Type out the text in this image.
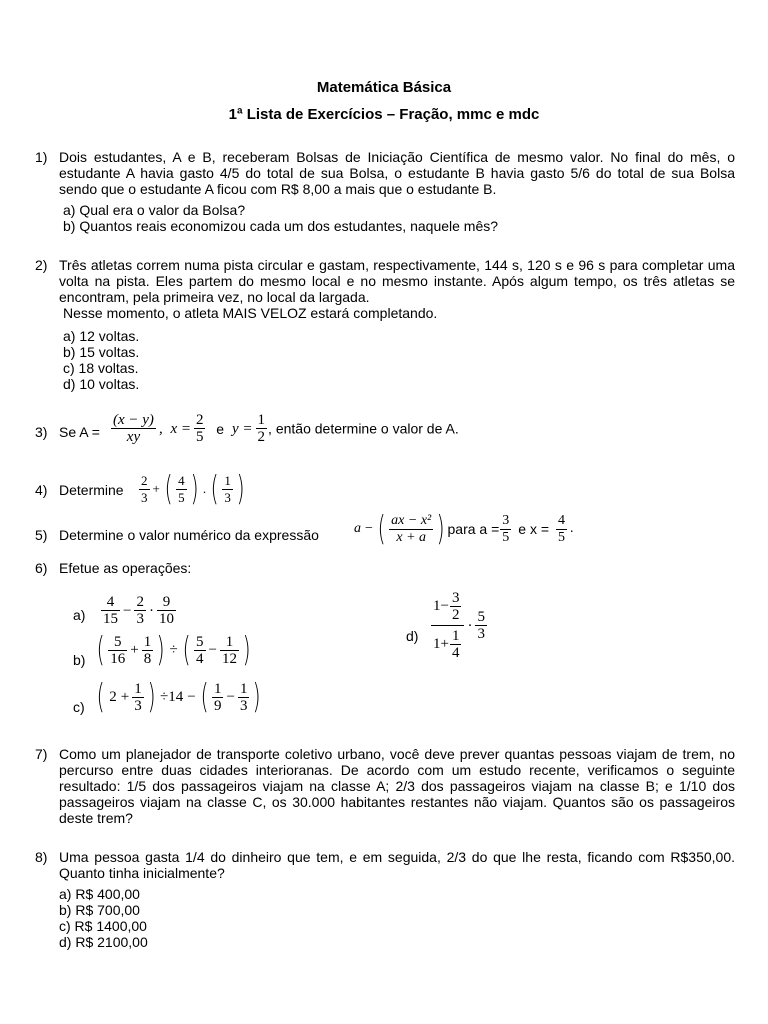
Matemática Básica
1ª Lista de Exercícios – Fração, mmc e mdc
1) Dois estudantes, A e B, receberam Bolsas de Iniciação Científica de mesmo valor. No final do mês, o estudante A havia gasto 4/5 do total de sua Bolsa, o estudante B havia gasto 5/6 do total de sua Bolsa sendo que o estudante A ficou com R$ 8,00 a mais que o estudante B.
a) Qual era o valor da Bolsa?
b) Quantos reais economizou cada um dos estudantes, naquele mês?
2) Três atletas correm numa pista circular e gastam, respectivamente, 144 s, 120 s e 96 s para completar uma volta na pista. Eles partem do mesmo local e no mesmo instante. Após algum tempo, os três atletas se encontram, pela primeira vez, no local da largada.
Nesse momento, o atleta MAIS VELOZ estará completando.
a) 12 voltas.
b) 15 voltas.
c) 18 voltas.
d) 10 voltas.
3) Se $A = \frac{(x - y)}{xy}$ , $x = \frac{2}{5}$ e $y = \frac{1}{2}$ , então determine o valor de A.
4) Determine	$\frac{2}{3}$ + ( $\frac{4}{5}$ ) . ( $\frac{1}{3}$ )
5) Determine o valor numérico da expressão	a − ( $\frac{\text{ax − x²}}{x + a}$ ) para $a = \frac{3}{5}$ e $x = \frac{4}{5}$ .
6) Efetue as operações:
$a) \frac{4}{15} - \frac{2}{3} \cdot \frac{9}{10}$
b) ( $\frac{5}{16} + \frac{1}{8}$ ) ÷ ( $\frac{5}{4} - \frac{1}{12}$ )
c) ( $2 + \frac{1}{3}$ ) ÷14 − ( $\frac{1}{9} - \frac{1}{3}$ )
$d) \frac{1- \frac{3}{2}}{1+ \frac{1}{4}} \cdot \frac{5}{3}$
7) Como um planejador de transporte coletivo urbano, você deve prever quantas pessoas viajam de trem, no percurso entre duas cidades interioranas. De acordo com um estudo recente, verificamos o seguinte resultado: 1/5 dos passageiros viajam na classe A; 2/3 dos passageiros viajam na classe B; e 1/10 dos passageiros viajam na classe C, os 30.000 habitantes restantes não viajam. Quantos são os passageiros deste trem?
8) Uma pessoa gasta 1/4 do dinheiro que tem, e em seguida, 2/3 do que lhe resta, ficando com R$350,00. Quanto tinha inicialmente?
a) R$ 400,00
b) R$ 700,00
c) R$ 1400,00
d) R$ 2100,00
